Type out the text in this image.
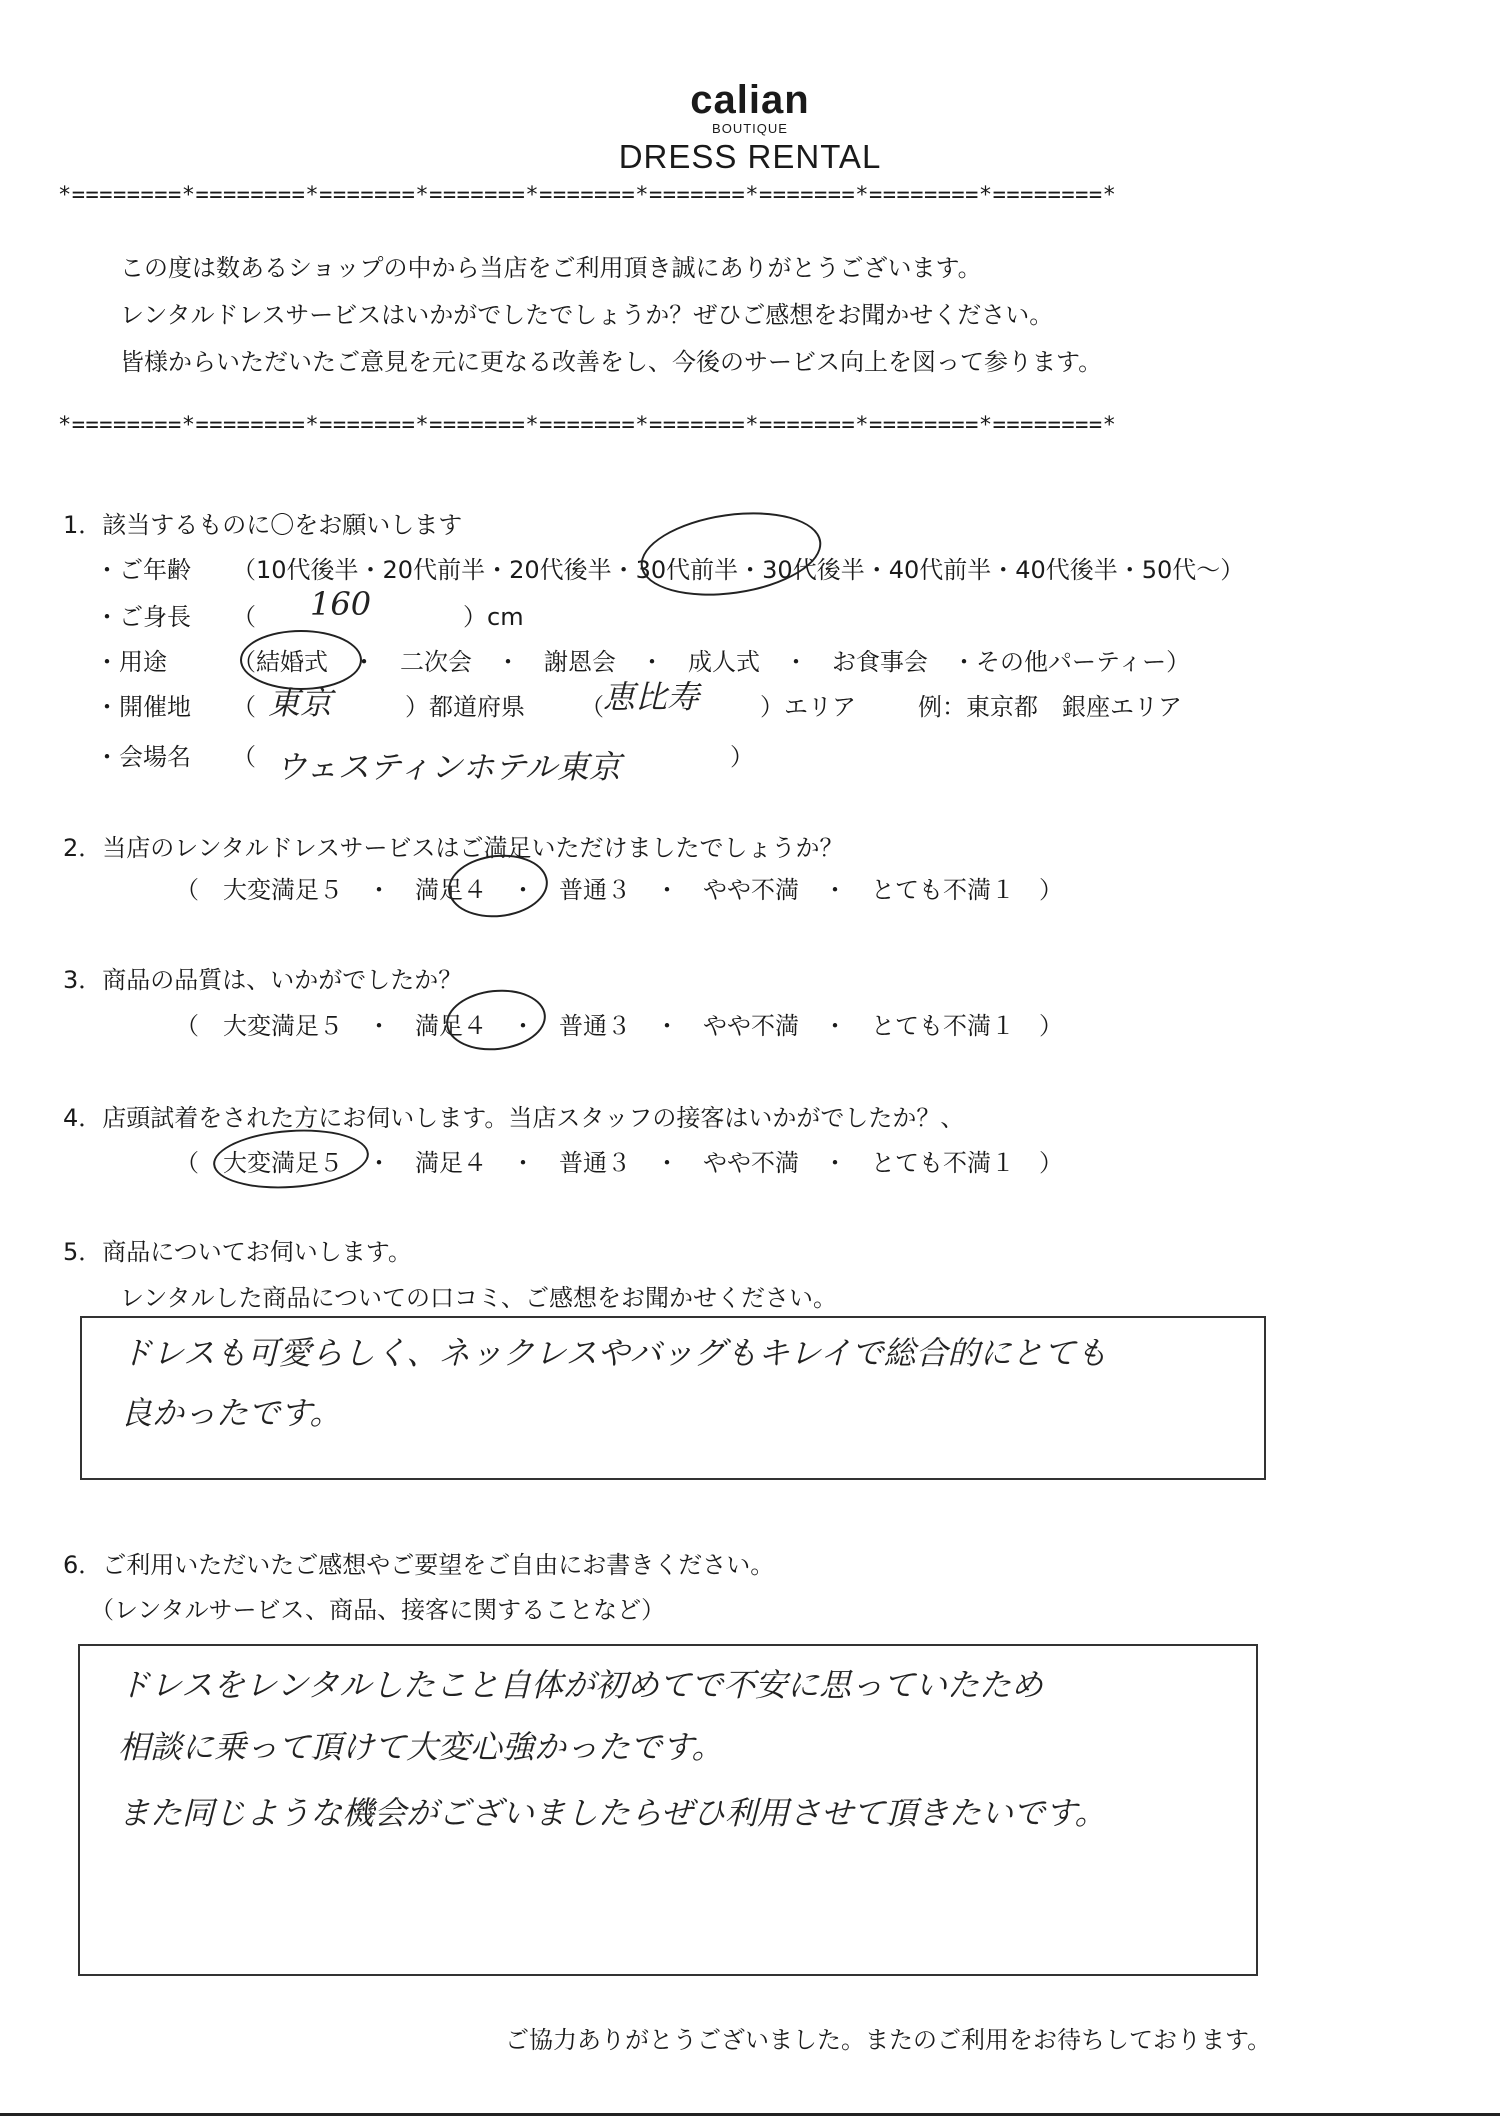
calian
BOUTIQUE
DRESS RENTAL
*========*========*=======*=======*=======*=======*=======*========*========*
この度は数あるショップの中から当店をご利用頂き誠にありがとうございます。
レンタルドレスサービスはいかがでしたでしょうか？ぜひご感想をお聞かせください。
皆様からいただいたご意見を元に更なる改善をし、今後のサービス向上を図って参ります。
*========*========*=======*=======*=======*=======*=======*========*========*
1．該当するものに〇をお願いします
・ご年齢 （10代後半・20代前半・20代後半・30代前半・30代後半・40代前半・40代後半・50代～）
・ご身長 （ 160	）cm
・用途	（結婚式　・　二次会　・　謝恩会　・　成人式　・　お食事会　・その他パーティー）
・開催地 （ 東京	）都道府県 （ 恵比寿	）エリア	例：東京都　銀座エリア
・会場名 （ ウェスティンホテル東京	）
2．当店のレンタルドレスサービスはご満足いただけましたでしょうか？
（　大変満足５　・　満足４　・　普通３　・　やや不満　・　とても不満１　）
3．商品の品質は、いかがでしたか？
（　大変満足５　・　満足４　・　普通３　・　やや不満　・　とても不満１　）
4．店頭試着をされた方にお伺いします。当店スタッフの接客はいかがでしたか？、
（　大変満足５　・　満足４　・　普通３　・　やや不満　・　とても不満１　）
5．商品についてお伺いします。
レンタルした商品についての口コミ、ご感想をお聞かせください。
ドレスも可愛らしく、ネックレスやバッグもキレイで総合的にとても
良かったです。
6．ご利用いただいたご感想やご要望をご自由にお書きください。
（レンタルサービス、商品、接客に関することなど）
ドレスをレンタルしたこと自体が初めてで不安に思っていたため
相談に乗って頂けて大変心強かったです。
また同じような機会がございましたらぜひ利用させて頂きたいです。
ご協力ありがとうございました。またのご利用をお待ちしております。
